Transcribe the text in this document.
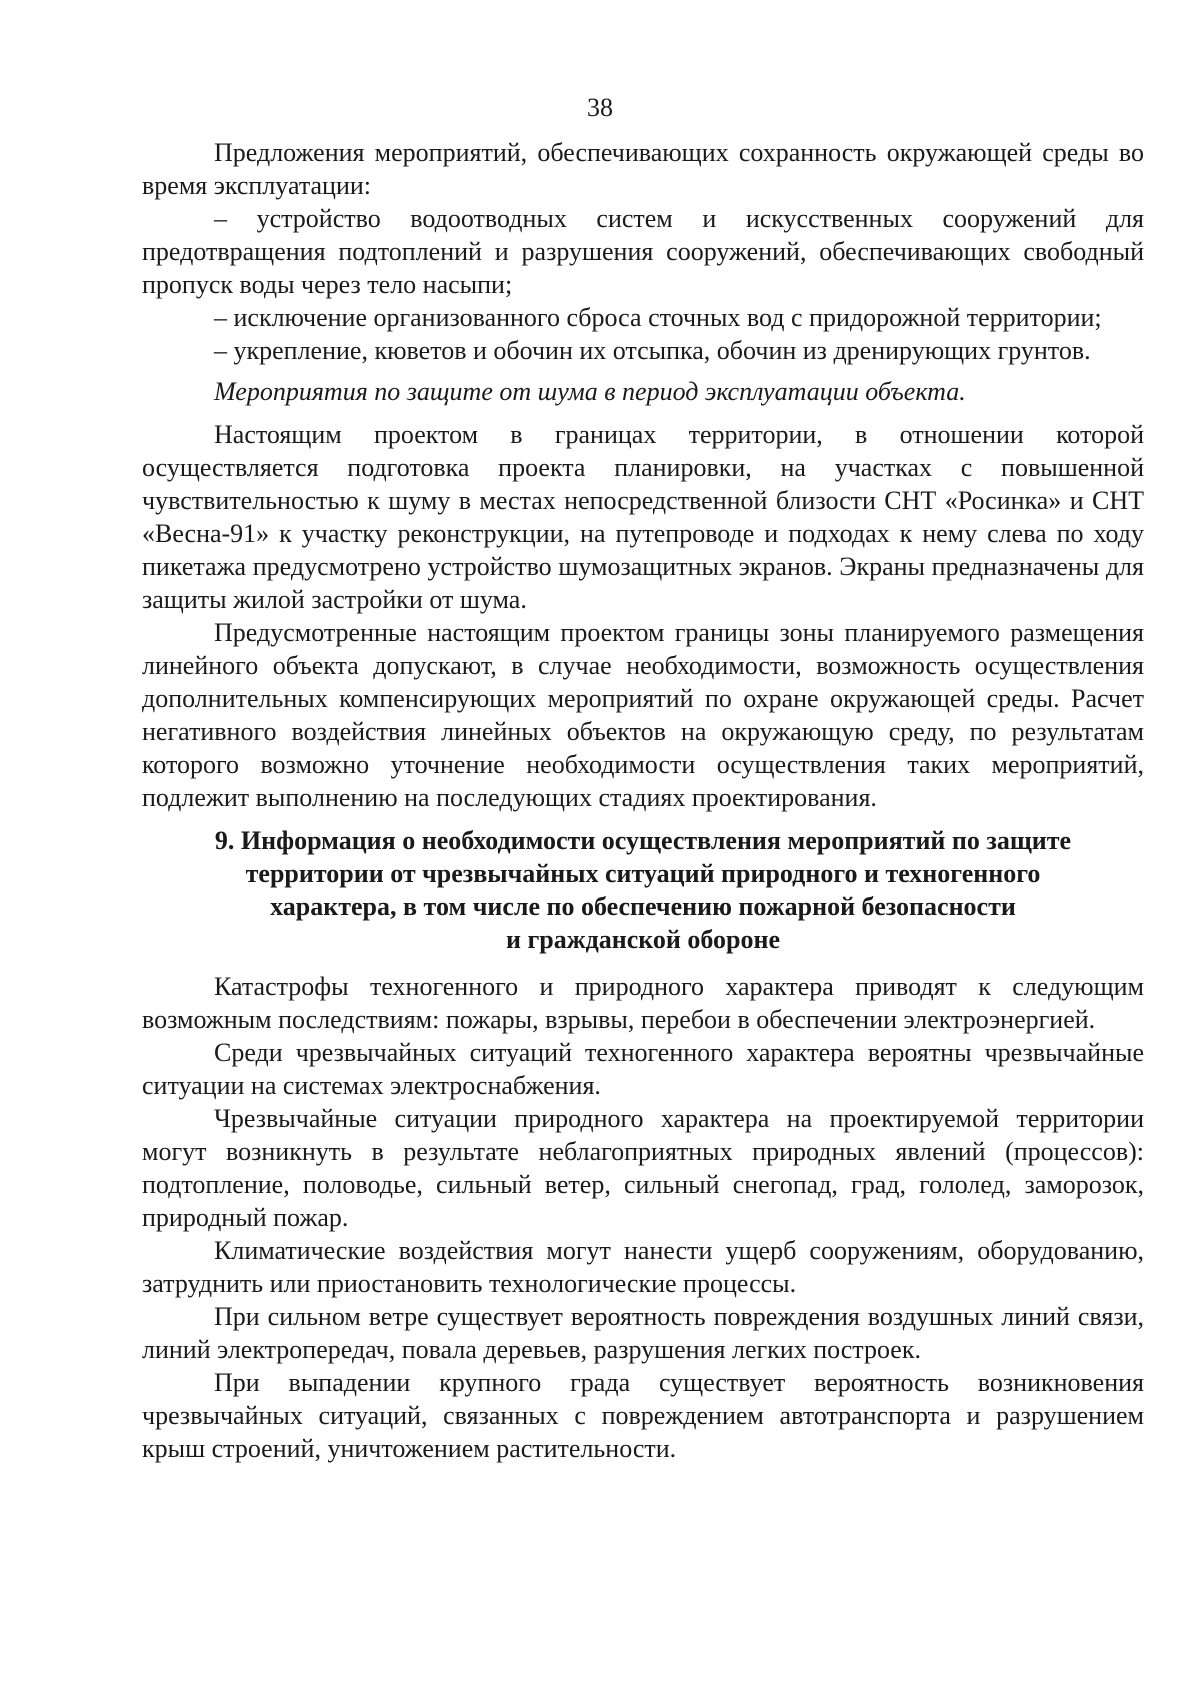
38

Предложения мероприятий, обеспечивающих сохранность окружающей среды во время эксплуатации:

– устройство водоотводных систем и искусственных сооружений для предотвращения подтоплений и разрушения сооружений, обеспечивающих свободный пропуск воды через тело насыпи;

– исключение организованного сброса сточных вод с придорожной территории;

– укрепление, кюветов и обочин их отсыпка, обочин из дренирующих грунтов.

Мероприятия по защите от шума в период эксплуатации объекта.

Настоящим проектом в границах территории, в отношении которой осуществляется подготовка проекта планировки, на участках с повышенной чувствительностью к шуму в местах непосредственной близости СНТ «Росинка» и СНТ «Весна-91» к участку реконструкции, на путепроводе и подходах к нему слева по ходу пикетажа предусмотрено устройство шумозащитных экранов. Экраны предназначены для защиты жилой застройки от шума.

Предусмотренные настоящим проектом границы зоны планируемого размещения линейного объекта допускают, в случае необходимости, возможность осуществления дополнительных компенсирующих мероприятий по охране окружающей среды. Расчет негативного воздействия линейных объектов на окружающую среду, по результатам которого возможно уточнение необходимости осуществления таких мероприятий, подлежит выполнению на последующих стадиях проектирования.

9. Информация о необходимости осуществления мероприятий по защите
территории от чрезвычайных ситуаций природного и техногенного
характера, в том числе по обеспечению пожарной безопасности
и гражданской обороне

Катастрофы техногенного и природного характера приводят к следующим возможным последствиям: пожары, взрывы, перебои в обеспечении электроэнергией.

Среди чрезвычайных ситуаций техногенного характера вероятны чрезвычайные ситуации на системах электроснабжения.

Чрезвычайные ситуации природного характера на проектируемой территории могут возникнуть в результате неблагоприятных природных явлений (процессов): подтопление, половодье, сильный ветер, сильный снегопад, град, гололед, заморозок, природный пожар.

Климатические воздействия могут нанести ущерб сооружениям, оборудованию, затруднить или приостановить технологические процессы.

При сильном ветре существует вероятность повреждения воздушных линий связи, линий электропередач, повала деревьев, разрушения легких построек.

При выпадении крупного града существует вероятность возникновения чрезвычайных ситуаций, связанных с повреждением автотранспорта и разрушением крыш строений, уничтожением растительности.
